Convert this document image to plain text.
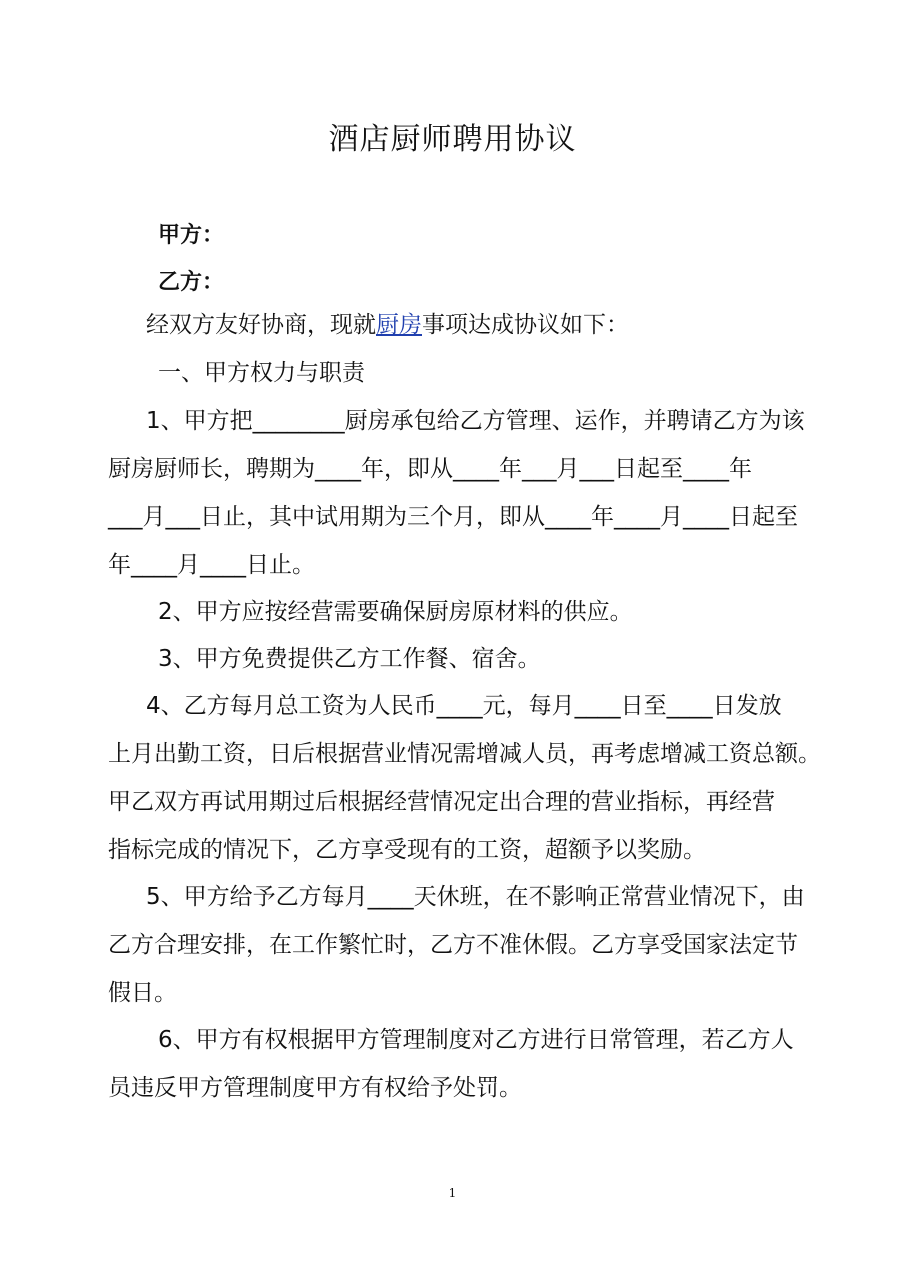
酒店厨师聘用协议
甲方：
乙方：
经双方友好协商，现就厨房事项达成协议如下：
一、甲方权力与职责
1、甲方把________厨房承包给乙方管理、运作，并聘请乙方为该
厨房厨师长，聘期为____年，即从____年___月___日起至____年
___月___日止，其中试用期为三个月，即从____年____月____日起至
年____月____日止。
2、甲方应按经营需要确保厨房原材料的供应。
3、甲方免费提供乙方工作餐、宿舍。
4、乙方每月总工资为人民币____元，每月____日至____日发放
上月出勤工资，日后根据营业情况需增减人员，再考虑增减工资总额。
甲乙双方再试用期过后根据经营情况定出合理的营业指标，再经营
指标完成的情况下，乙方享受现有的工资，超额予以奖励。
5、甲方给予乙方每月____天休班，在不影响正常营业情况下，由
乙方合理安排，在工作繁忙时，乙方不准休假。乙方享受国家法定节
假日。
6、甲方有权根据甲方管理制度对乙方进行日常管理，若乙方人
员违反甲方管理制度甲方有权给予处罚。
1
